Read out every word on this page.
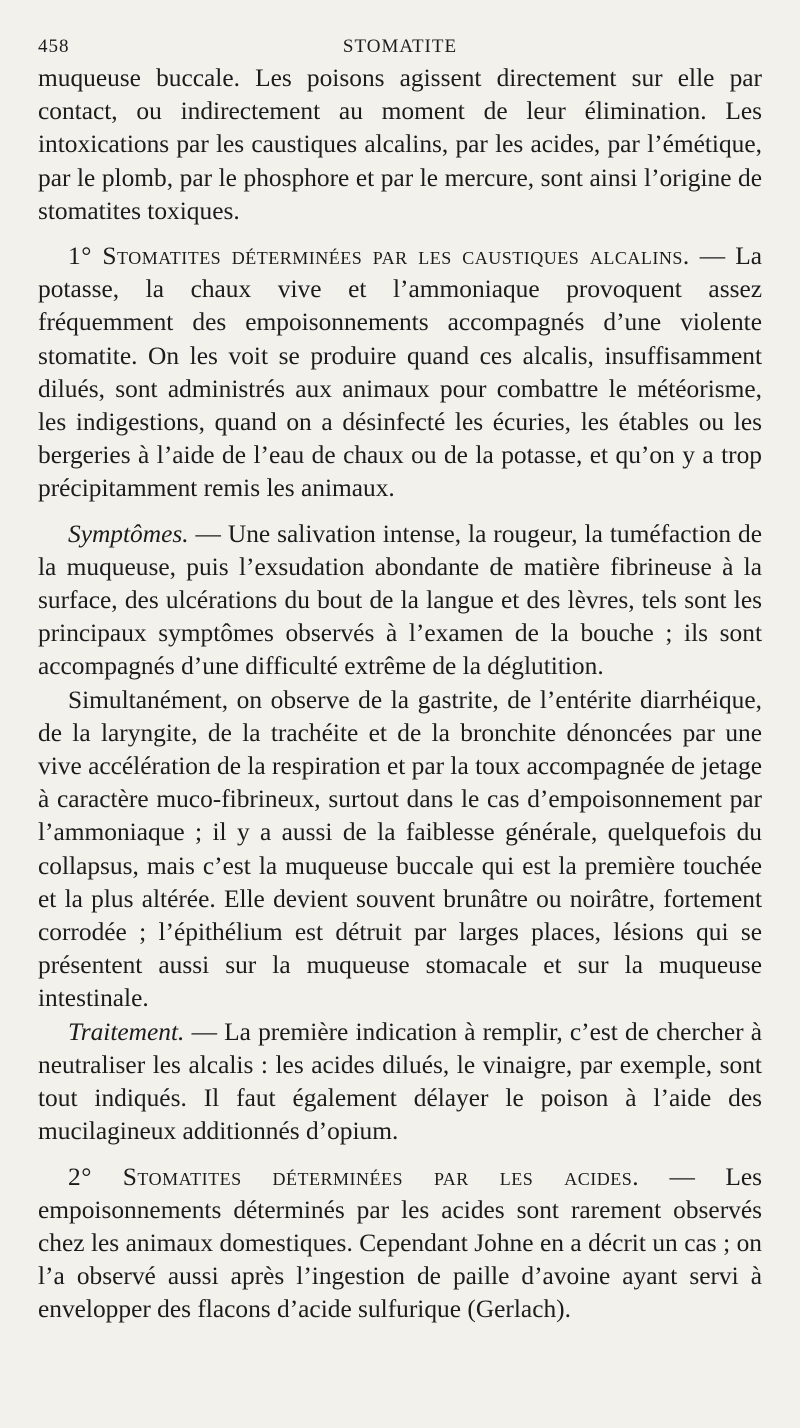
458	STOMATITE

muqueuse buccale. Les poisons agissent directement sur elle par contact, ou indirectement au moment de leur élimination. Les intoxications par les caustiques alcalins, par les acides, par l’émétique, par le plomb, par le phosphore et par le mercure, sont ainsi l’origine de stomatites toxiques.

1° Stomatites déterminées par les caustiques alcalins. — La potasse, la chaux vive et l’ammoniaque provoquent assez fréquemment des empoisonnements accompagnés d’une violente stomatite. On les voit se produire quand ces alcalis, insuffisamment dilués, sont administrés aux animaux pour combattre le météorisme, les indigestions, quand on a désinfecté les écuries, les étables ou les bergeries à l’aide de l’eau de chaux ou de la potasse, et qu’on y a trop précipitamment remis les animaux.

Symptômes. — Une salivation intense, la rougeur, la tuméfaction de la muqueuse, puis l’exsudation abondante de matière fibrineuse à la surface, des ulcérations du bout de la langue et des lèvres, tels sont les principaux symptômes observés à l’examen de la bouche ; ils sont accompagnés d’une difficulté extrême de la déglutition.

Simultanément, on observe de la gastrite, de l’entérite diarrhéique, de la laryngite, de la trachéite et de la bronchite dénoncées par une vive accélération de la respiration et par la toux accompagnée de jetage à caractère muco-fibrineux, surtout dans le cas d’empoisonnement par l’ammoniaque ; il y a aussi de la faiblesse générale, quelquefois du collapsus, mais c’est la muqueuse buccale qui est la première touchée et la plus altérée. Elle devient souvent brunâtre ou noirâtre, fortement corrodée ; l’épithélium est détruit par larges places, lésions qui se présentent aussi sur la muqueuse stomacale et sur la muqueuse intestinale.

Traitement. — La première indication à remplir, c’est de chercher à neutraliser les alcalis : les acides dilués, le vinaigre, par exemple, sont tout indiqués. Il faut également délayer le poison à l’aide des mucilagineux additionnés d’opium.

2° Stomatites déterminées par les acides. — Les empoisonnements déterminés par les acides sont rarement observés chez les animaux domestiques. Cependant Johne en a décrit un cas ; on l’a observé aussi après l’ingestion de paille d’avoine ayant servi à envelopper des flacons d’acide sulfurique (Gerlach).
